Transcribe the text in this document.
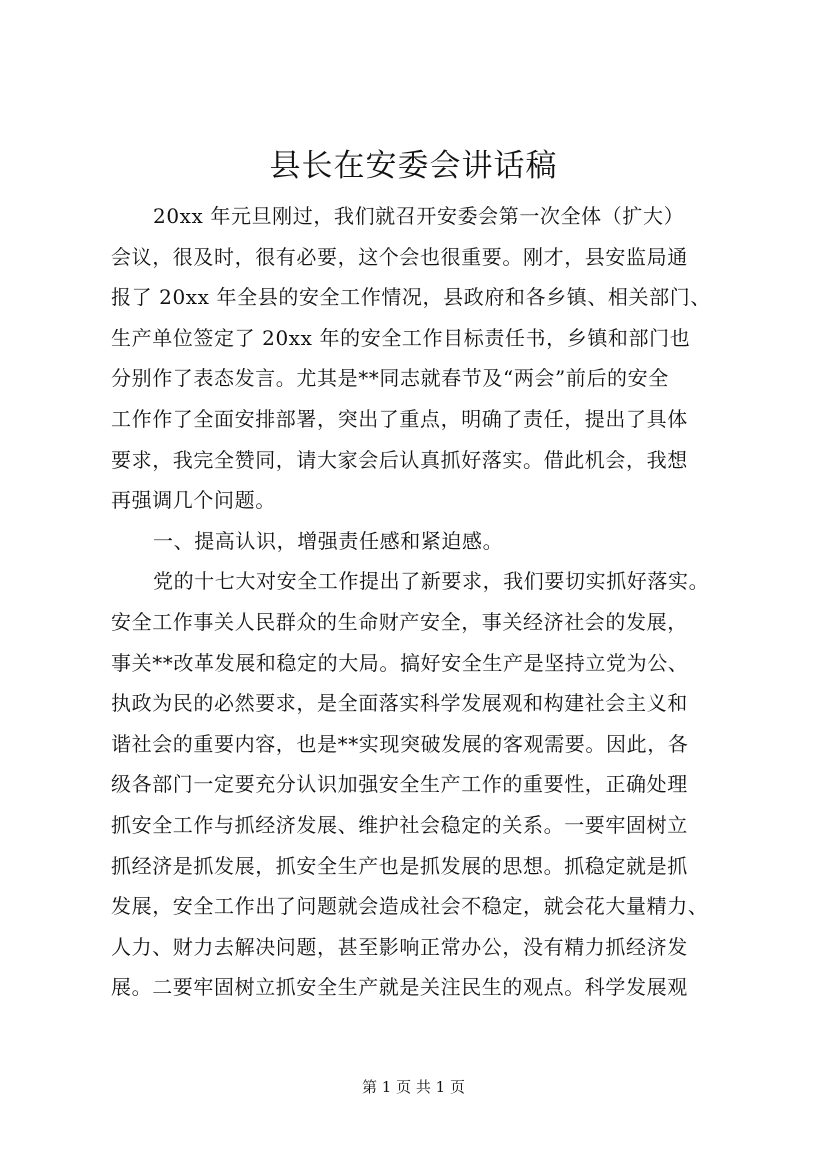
县长在安委会讲话稿
20xx 年元旦刚过，我们就召开安委会第一次全体（扩大）
会议，很及时，很有必要，这个会也很重要。刚才，县安监局通
报了 20xx 年全县的安全工作情况，县政府和各乡镇、相关部门、
生产单位签定了 20xx 年的安全工作目标责任书，乡镇和部门也
分别作了表态发言。尤其是**同志就春节及“两会”前后的安全
工作作了全面安排部署，突出了重点，明确了责任，提出了具体
要求，我完全赞同，请大家会后认真抓好落实。借此机会，我想
再强调几个问题。
一、提高认识，增强责任感和紧迫感。
党的十七大对安全工作提出了新要求，我们要切实抓好落实。
安全工作事关人民群众的生命财产安全，事关经济社会的发展，
事关**改革发展和稳定的大局。搞好安全生产是坚持立党为公、
执政为民的必然要求，是全面落实科学发展观和构建社会主义和
谐社会的重要内容，也是**实现突破发展的客观需要。因此，各
级各部门一定要充分认识加强安全生产工作的重要性，正确处理
抓安全工作与抓经济发展、维护社会稳定的关系。一要牢固树立
抓经济是抓发展，抓安全生产也是抓发展的思想。抓稳定就是抓
发展，安全工作出了问题就会造成社会不稳定，就会花大量精力、
人力、财力去解决问题，甚至影响正常办公，没有精力抓经济发
展。二要牢固树立抓安全生产就是关注民生的观点。科学发展观
第 1 页 共 1 页
